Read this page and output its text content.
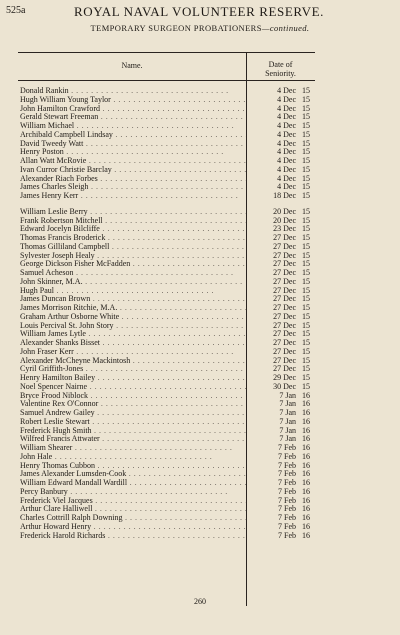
525a	ROYAL NAVAL VOLUNTEER RESERVE.
TEMPORARY SURGEON PROBATIONERS—continued.
Name.	Date of
Seniority.
Donald Rankin . .	4 Dec 15
Hugh William Young Taylor . .	4 Dec 15
John Hamilton Crawford . .	4 Dec 15
Gerald Stewart Freeman . .	4 Dec 15
William Michael . .	4 Dec 15
Archibald Campbell Lindsay . .	4 Dec 15
David Tweedy Watt . .	4 Dec 15
Henry Poston . .	4 Dec 15
Allan Watt McRovie . .	4 Dec 15
Ivan Curror Christie Barclay . .	4 Dec 15
Alexander Riach Forbes . .	4 Dec 15
James Charles Sleigh . .	4 Dec 15
James Henry Kerr . .	18 Dec 15
William Leslie Berry . .	20 Dec 15
Frank Robertson Mitchell . .	20 Dec 15
Edward Jocelyn Bilcliffe . .	23 Dec 15
Thomas Francis Broderick . .	27 Dec 15
Thomas Gilliland Campbell . .	27 Dec 15
Sylvester Joseph Healy . .	27 Dec 15
George Dickson Fisher McFadden . .	27 Dec 15
Samuel Acheson . .	27 Dec 15
John Skinner, M.A. . .	27 Dec 15
Hugh Paul . .	27 Dec 15
James Duncan Brown . .	27 Dec 15
James Morrison Ritchie, M.A. . .	27 Dec 15
Graham Arthur Osborne White . .	27 Dec 15
Louis Percival St. John Story . .	27 Dec 15
William James Lytle . .	27 Dec 15
Alexander Shanks Bisset . .	27 Dec 15
John Fraser Kerr . .	27 Dec 15
Alexander McCheyne Mackintosh . .	27 Dec 15
Cyril Griffith-Jones . .	27 Dec 15
Henry Hamilton Bailey . .	29 Dec 15
Noel Spencer Nairne . .	30 Dec 15
Bryce Frood Niblock . .	7 Jan 16
Valentine Rex O'Connor . .	7 Jan 16
Samuel Andrew Gailey . .	7 Jan 16
Robert Leslie Stewart . .	7 Jan 16
Frederick Hugh Smith . .	7 Jan 16
Wilfred Francis Attwater . .	7 Jan 16
William Shearer . .	7 Feb 16
John Hale . .	7 Feb 16
Henry Thomas Cubbon . .	7 Feb 16
James Alexander Lumsden-Cook . .	7 Feb 16
William Edward Mandall Wardill . .	7 Feb 16
Percy Banbury . .	7 Feb 16
Frederick Viel Jacques . .	7 Feb 16
Arthur Clare Halliwell . .	7 Feb 16
Charles Cottrill Ralph Downing . .	7 Feb 16
Arthur Howard Henry . .	7 Feb 16
Frederick Harold Richards . .	7 Feb 16
260
